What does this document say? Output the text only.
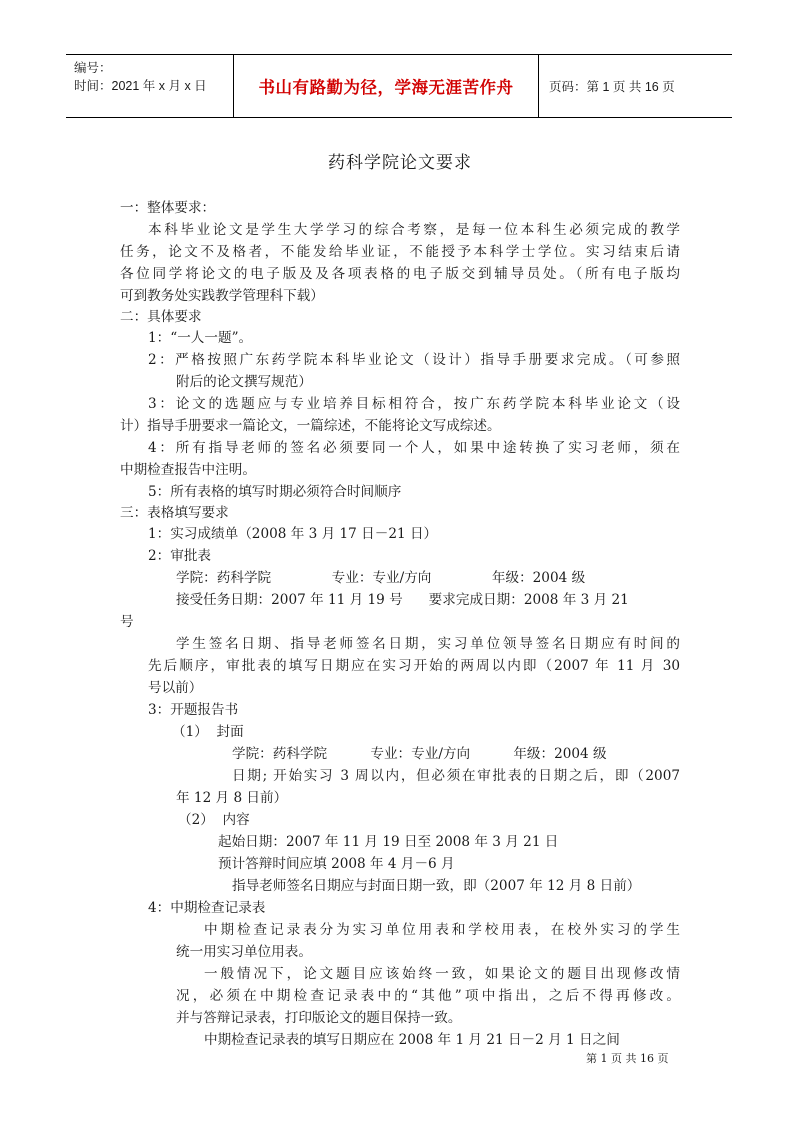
编号：
时间：2021 年 x 月 x 日	书山有路勤为径，学海无涯苦作舟	页码：第 1 页 共 16 页
药科学院论文要求
一：整体要求：
本科毕业论文是学生大学学习的综合考察，是每一位本科生必须完成的教学
任务，论文不及格者，不能发给毕业证，不能授予本科学士学位。实习结束后请
各位同学将论文的电子版及及各项表格的电子版交到辅导员处。（所有电子版均
可到教务处实践教学管理科下载）
二：具体要求
1：“一人一题”。
2：严格按照广东药学院本科毕业论文（设计）指导手册要求完成。（可参照
附后的论文撰写规范）
3：论文的选题应与专业培养目标相符合，按广东药学院本科毕业论文（设
计）指导手册要求一篇论文，一篇综述，不能将论文写成综述。
4：所有指导老师的签名必须要同一个人，如果中途转换了实习老师，须在
中期检查报告中注明。
5：所有表格的填写时期必须符合时间顺序
三：表格填写要求
1：实习成绩单（2008 年 3 月 17 日－21 日）
2：审批表
学院：药科学院              专业：专业/方向              年级：2004 级
接受任务日期：2007 年 11 月 19 号      要求完成日期：2008 年 3 月 21
号
学生签名日期、指导老师签名日期，实习单位领导签名日期应有时间的
先后顺序，审批表的填写日期应在实习开始的两周以内即（2007 年 11 月 30
号以前）
3：开题报告书
（1）  封面
学院：药科学院          专业：专业/方向          年级：2004 级
日期; 开始实习 3 周以内，但必须在审批表的日期之后，即（2007
年 12 月 8 日前）
（2）  内容
起始日期：2007 年 11 月 19 日至 2008 年 3 月 21 日
预计答辩时间应填 2008 年 4 月－6 月
指导老师签名日期应与封面日期一致，即（2007 年 12 月 8 日前）
4：中期检查记录表
中期检查记录表分为实习单位用表和学校用表，在校外实习的学生
统一用实习单位用表。
一般情况下，论文题目应该始终一致，如果论文的题目出现修改情
况，必须在中期检查记录表中的“其他”项中指出，之后不得再修改。
并与答辩记录表，打印版论文的题目保持一致。
中期检查记录表的填写日期应在 2008 年 1 月 21 日－2 月 1 日之间
第 1 页 共 16 页
